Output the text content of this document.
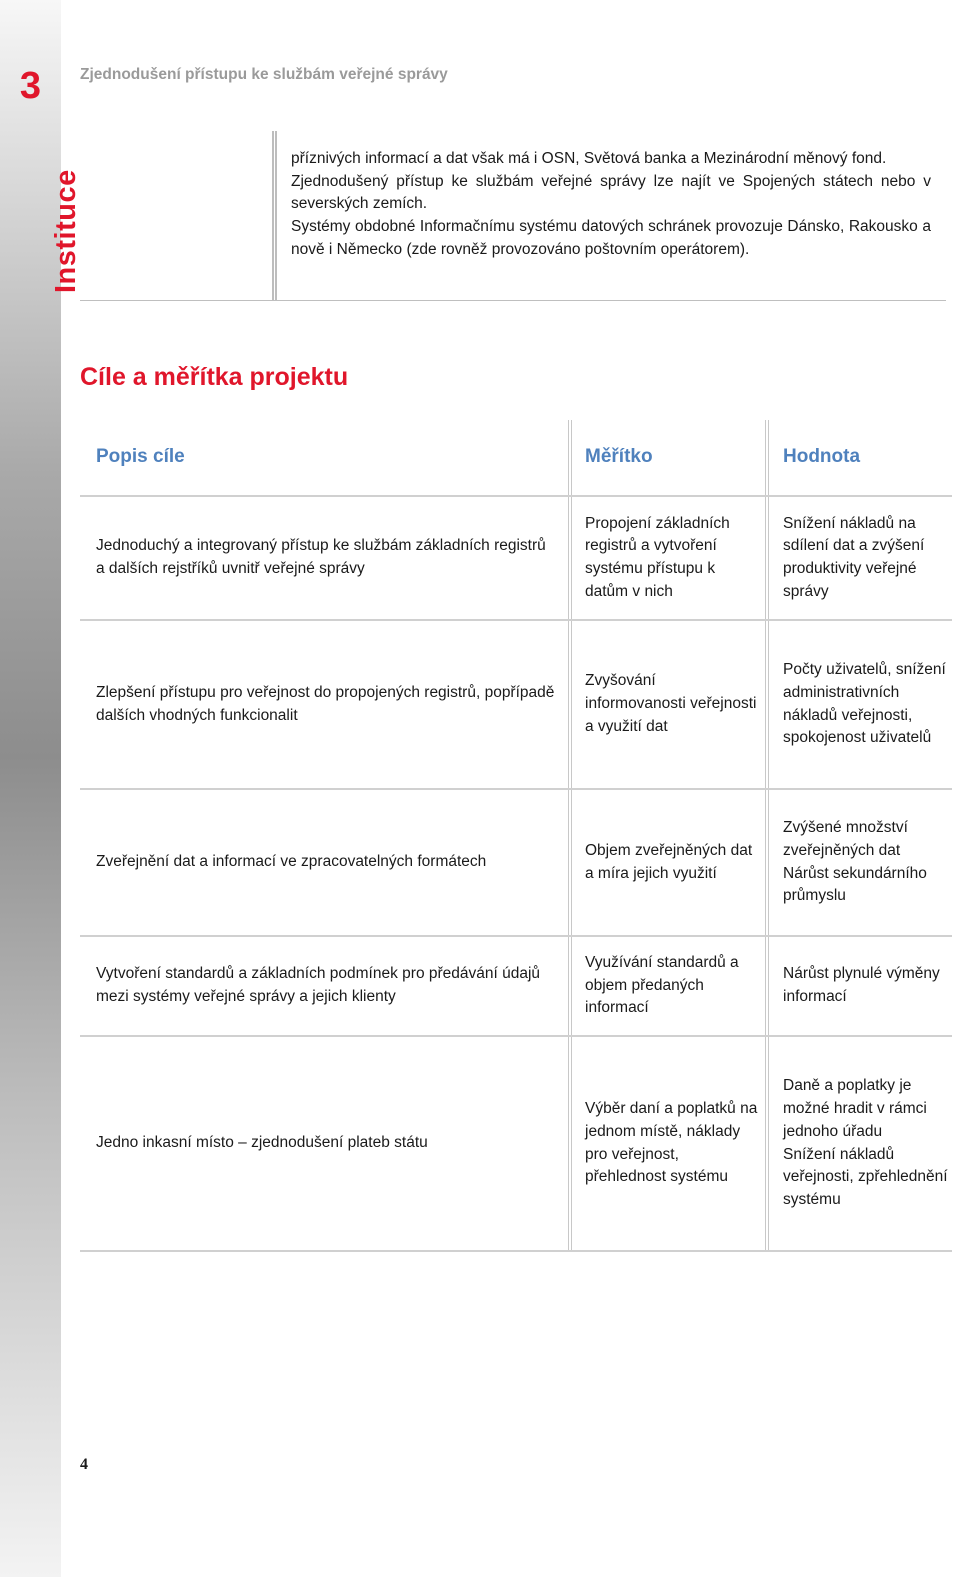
3
Instituce
Zjednodušení přístupu ke službám veřejné správy

příznivých informací a dat však má i OSN, Světová banka a Mezinárodní měnový fond.

Zjednodušený přístup ke službám veřejné správy lze najít ve Spojených státech nebo v severských zemích.

Systémy obdobné Informačnímu systému datových schránek provozuje Dánsko, Rakousko a nově i Německo (zde rovněž provozováno poštovním operátorem).

Cíle a měřítka projektu
Popis cíle	Měřítko	Hodnota
Jednoduchý a integrovaný přístup ke službám základních registrů a dalších rejstříků uvnitř veřejné správy
Propojení základních registrů a vytvoření systému přístupu k datům v nich
Snížení nákladů na sdílení dat a zvýšení produktivity veřejné správy
Zlepšení přístupu pro veřejnost do propojených registrů, popřípadě dalších vhodných funkcionalit
Zvyšování informovanosti veřejnosti a využití dat
Počty uživatelů, snížení administrativních nákladů veřejnosti, spokojenost uživatelů
Zveřejnění dat a informací ve zpracovatelných formátech
Objem zveřejněných dat a míra jejich využití
Zvýšené množství zveřejněných dat
Nárůst sekundárního průmyslu
Vytvoření standardů a základních podmínek pro předávání údajů mezi systémy veřejné správy a jejich klienty
Využívání standardů a objem předaných informací
Nárůst plynulé výměny informací
Jedno inkasní místo – zjednodušení plateb státu
Výběr daní a poplatků na jednom místě, náklady pro veřejnost, přehlednost systému
Daně a poplatky je možné hradit v rámci jednoho úřadu
Snížení nákladů veřejnosti, zpřehlednění systému
4
